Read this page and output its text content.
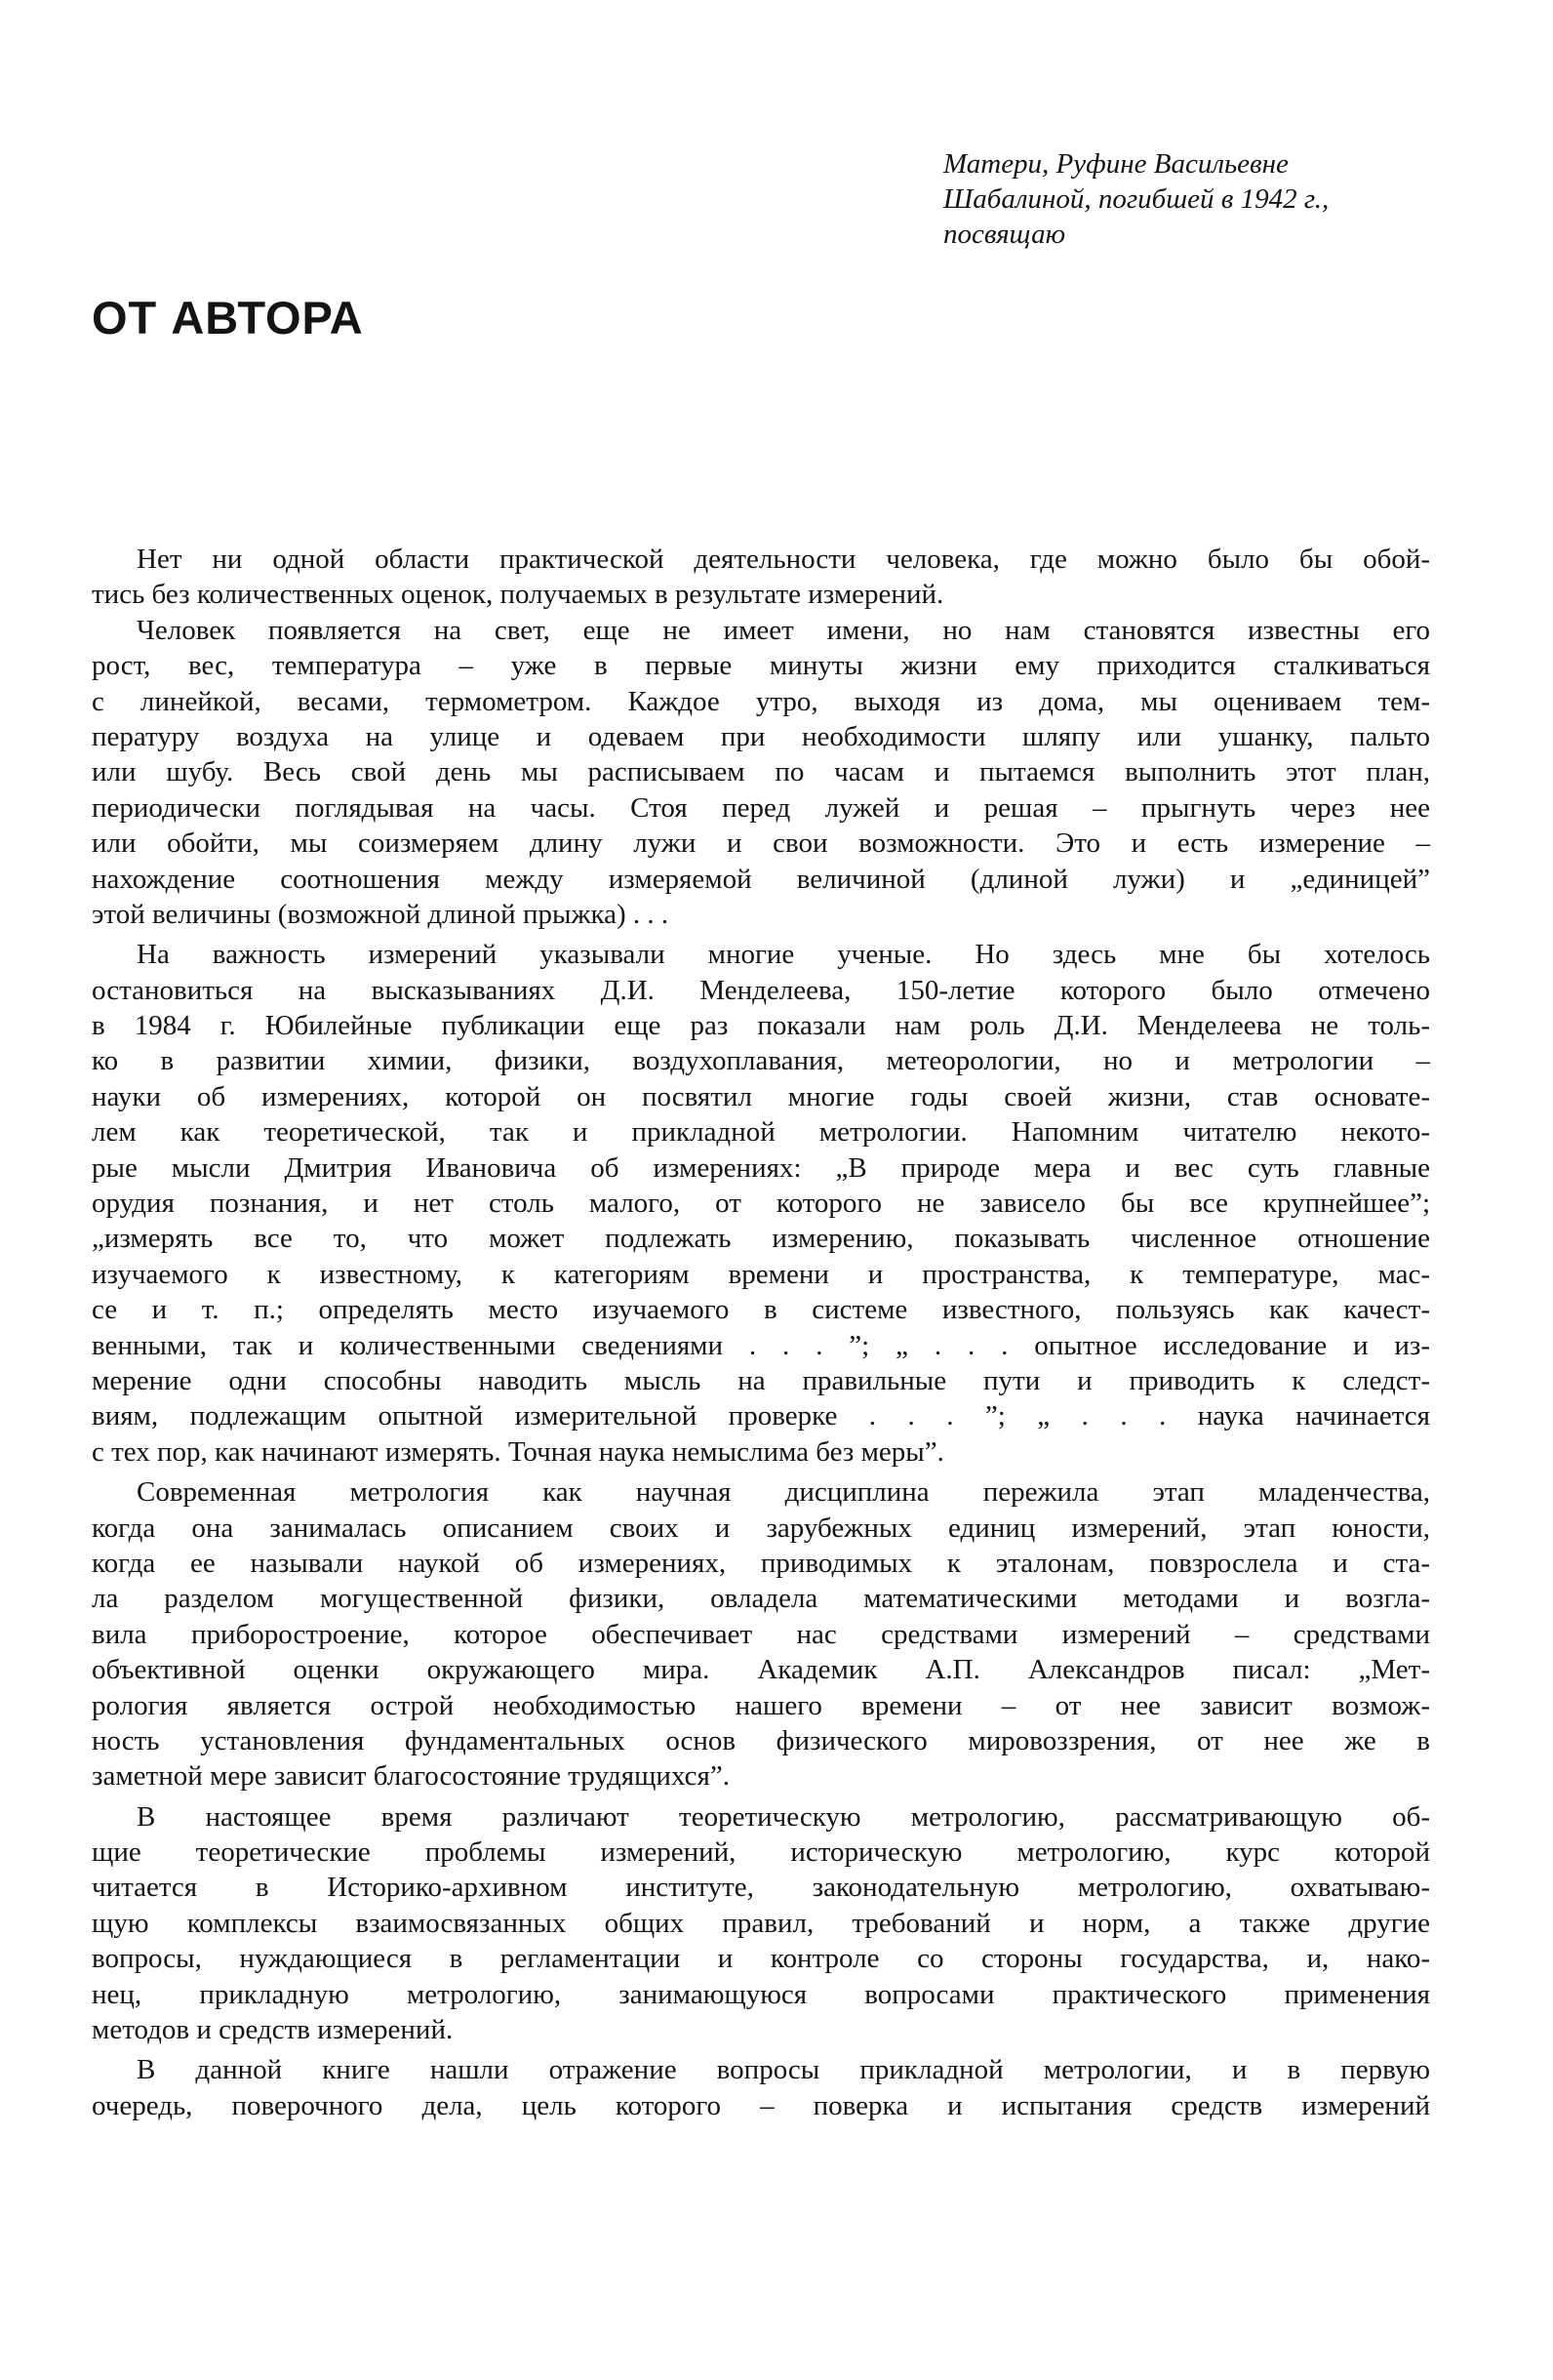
Матери, Руфине Васильевне
Шабалиной, погибшей в 1942 г.,
посвящаю
ОТ АВТОРА
Нет ни одной области практической деятельности человека, где можно было бы обой-
тись без количественных оценок, получаемых в результате измерений.
Человек появляется на свет, еще не имеет имени, но нам становятся известны его
рост, вес, температура – уже в первые минуты жизни ему приходится сталкиваться
с линейкой, весами, термометром. Каждое утро, выходя из дома, мы оцениваем тем-
пературу воздуха на улице и одеваем при необходимости шляпу или ушанку, пальто
или шубу. Весь свой день мы расписываем по часам и пытаемся выполнить этот план,
периодически поглядывая на часы. Стоя перед лужей и решая – прыгнуть через нее
или обойти, мы соизмеряем длину лужи и свои возможности. Это и есть измерение –
нахождение соотношения между измеряемой величиной (длиной лужи) и „единицей”
этой величины (возможной длиной прыжка) . . .
На важность измерений указывали многие ученые. Но здесь мне бы хотелось
остановиться на высказываниях Д.И. Менделеева, 150-летие которого было отмечено
в 1984 г. Юбилейные публикации еще раз показали нам роль Д.И. Менделеева не толь-
ко в развитии химии, физики, воздухоплавания, метеорологии, но и метрологии –
науки об измерениях, которой он посвятил многие годы своей жизни, став основате-
лем как теоретической, так и прикладной метрологии. Напомним читателю некото-
рые мысли Дмитрия Ивановича об измерениях: „В природе мера и вес суть главные
орудия познания, и нет столь малого, от которого не зависело бы все крупнейшее”;
„измерять все то, что может подлежать измерению, показывать численное отношение
изучаемого к известному, к категориям времени и пространства, к температуре, мас-
се и т. п.; определять место изучаемого в системе известного, пользуясь как качест-
венными, так и количественными сведениями . . . ”; „ . . . опытное исследование и из-
мерение одни способны наводить мысль на правильные пути и приводить к следст-
виям, подлежащим опытной измерительной проверке . . . ”; „ . . . наука начинается
с тех пор, как начинают измерять. Точная наука немыслима без меры”.
Современная метрология как научная дисциплина пережила этап младенчества,
когда она занималась описанием своих и зарубежных единиц измерений, этап юности,
когда ее называли наукой об измерениях, приводимых к эталонам, повзрослела и ста-
ла разделом могущественной физики, овладела математическими методами и возгла-
вила приборостроение, которое обеспечивает нас средствами измерений – средствами
объективной оценки окружающего мира. Академик А.П. Александров писал: „Мет-
рология является острой необходимостью нашего времени – от нее зависит возмож-
ность установления фундаментальных основ физического мировоззрения, от нее же в
заметной мере зависит благосостояние трудящихся”.
В настоящее время различают теоретическую метрологию, рассматривающую об-
щие теоретические проблемы измерений, историческую метрологию, курс которой
читается в Историко-архивном институте, законодательную метрологию, охватываю-
щую комплексы взаимосвязанных общих правил, требований и норм, а также другие
вопросы, нуждающиеся в регламентации и контроле со стороны государства, и, нако-
нец, прикладную метрологию, занимающуюся вопросами практического применения
методов и средств измерений.
В данной книге нашли отражение вопросы прикладной метрологии, и в первую
очередь, поверочного дела, цель которого – поверка и испытания средств измерений
